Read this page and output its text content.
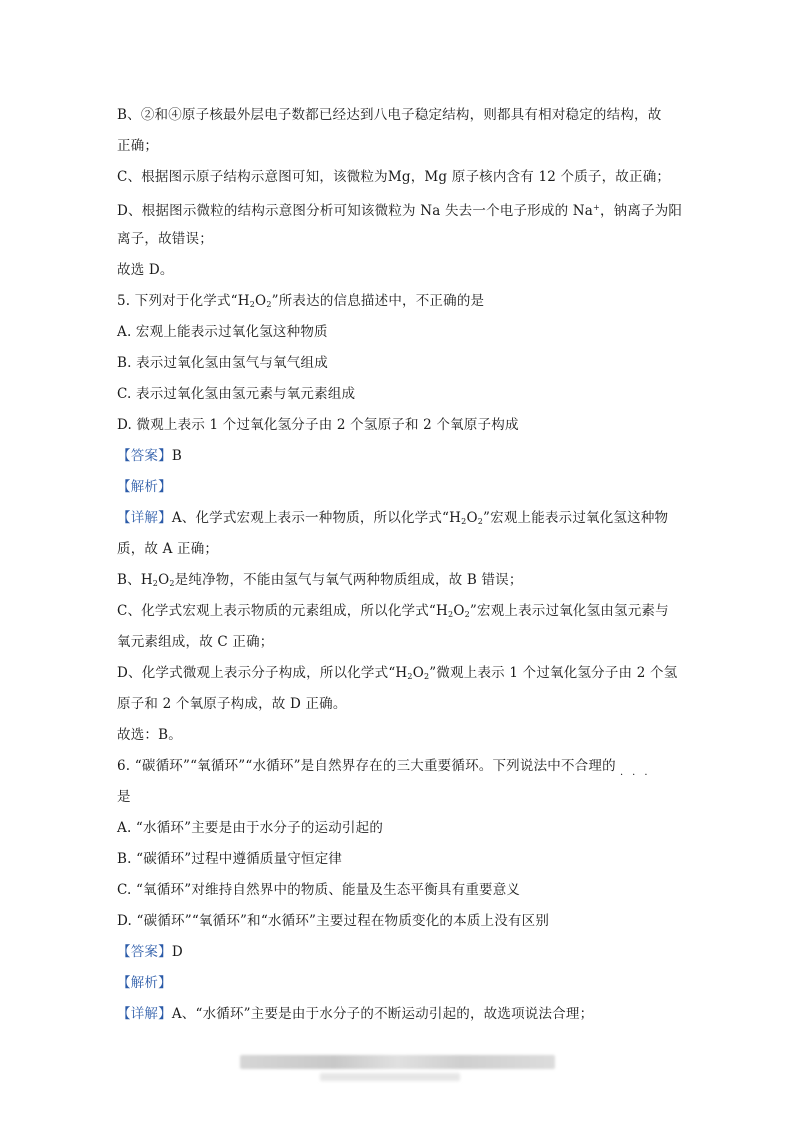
B、②和④原子核最外层电子数都已经达到八电子稳定结构，则都具有相对稳定的结构，故
正确；
C、根据图示原子结构示意图可知，该微粒为Mg，Mg 原子核内含有 12 个质子，故正确；
D、根据图示微粒的结构示意图分析可知该微粒为 Na 失去一个电子形成的 Na+，钠离子为阳
离子，故错误；
故选 D。
5. 下列对于化学式“$H_2O_2$”所表达的信息描述中，不正确的是
A. 宏观上能表示过氧化氢这种物质
B. 表示过氧化氢由氢气与氧气组成
C. 表示过氧化氢由氢元素与氧元素组成
D. 微观上表示 1 个过氧化氢分子由 2 个氢原子和 2 个氧原子构成
【答案】B
【解析】
【详解】A、化学式宏观上表示一种物质，所以化学式“$H_2O_2$”宏观上能表示过氧化氢这种物
质，故 A 正确；
B、$H_2O_2$是纯净物，不能由氢气与氧气两种物质组成，故 B 错误；
C、化学式宏观上表示物质的元素组成，所以化学式“$H_2O_2$”宏观上表示过氧化氢由氢元素与
氧元素组成，故 C 正确；
D、化学式微观上表示分子构成，所以化学式“$H_2O_2$”微观上表示 1 个过氧化氢分子由 2 个氢
原子和 2 个氧原子构成，故 D 正确。
故选：B。
6. “碳循环”“氧循环”“水循环”是自然界存在的三大重要循环。下列说法中不合理的
···
是
A. “水循环”主要是由于水分子的运动引起的
B. “碳循环”过程中遵循质量守恒定律
C. “氧循环”对维持自然界中的物质、能量及生态平衡具有重要意义
D. “碳循环”“氧循环”和“水循环”主要过程在物质变化的本质上没有区别
【答案】D
【解析】
【详解】A、“水循环”主要是由于水分子的不断运动引起的，故选项说法合理；
